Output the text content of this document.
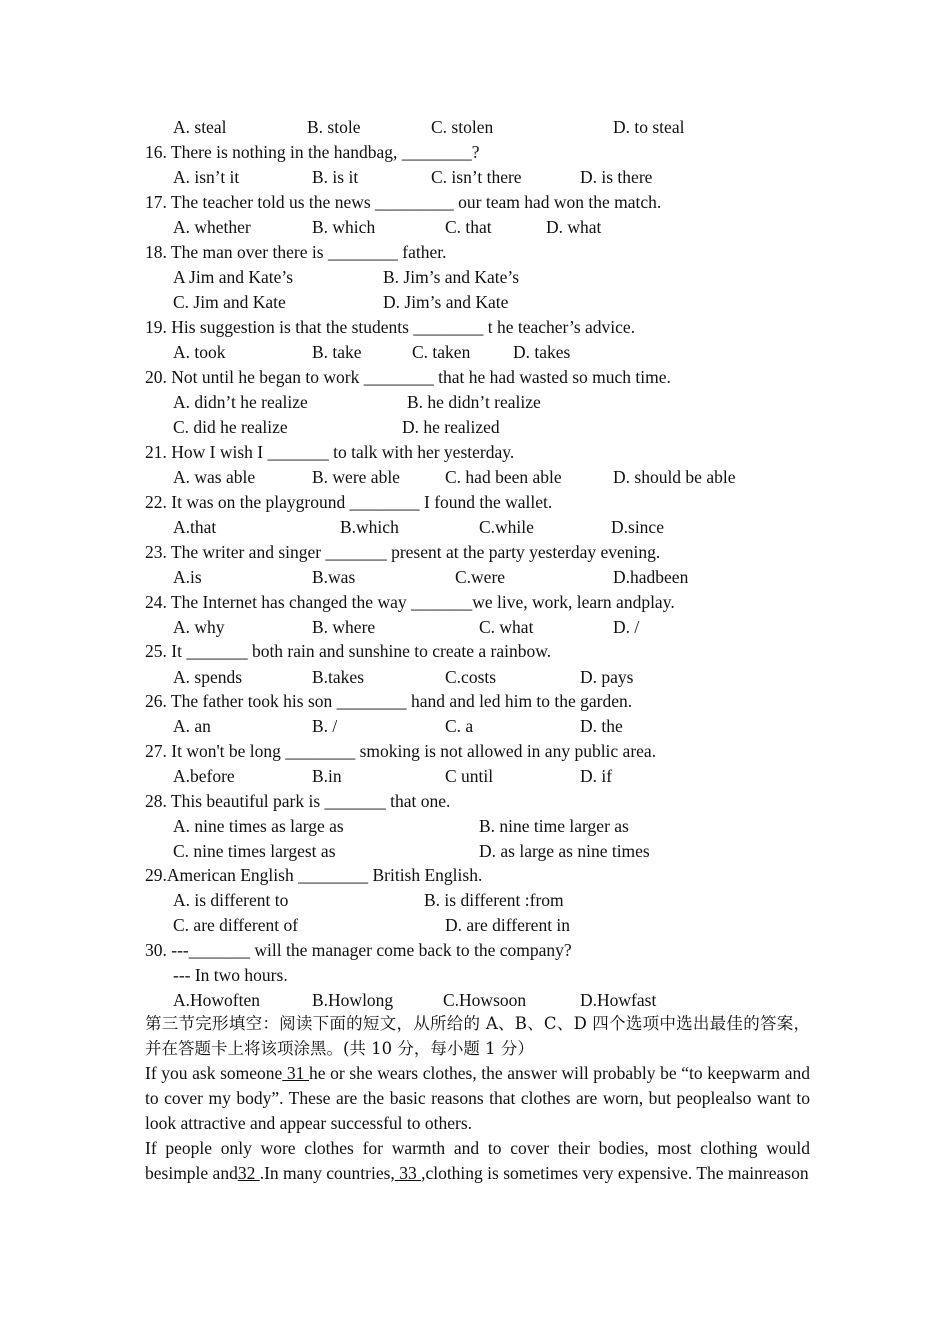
A. steal	B. stole	C. stolen	D. to steal
16. There is nothing in the handbag, ________?
A. isn’t it	B. is it	C. isn’t there	D. is there
17. The teacher told us the news _________ our team had won the match.
A. whether	B. which	C. that	D. what
18. The man over there is ________ father.
A Jim and Kate’s	B. Jim’s and Kate’s
C. Jim and Kate	D. Jim’s and Kate
19. His suggestion is that the students ________ t he teacher’s advice.
A. took	B. take	C. taken D. takes
20. Not until he began to work ________ that he had wasted so much time.
A. didn’t he realize	B. he didn’t realize
C. did he realize	D. he realized
21. How I wish I _______ to talk with her yesterday.
A. was able	B. were able	C. had been able	D. should be able
22. It was on the playground ________ I found the wallet.
A.that	B.which	C.while	D.since
23. The writer and singer _______ present at the party yesterday evening.
A.is	B.was	C.were	D.hadbeen
24. The Internet has changed the way _______we live, work, learn andplay.
A. why	B. where	C. what	D. /
25. It _______ both rain and sunshine to create a rainbow.
A. spends	B.takes	C.costs	D. pays
26. The father took his son ________ hand and led him to the garden.
A. an	B. /	C. a	D. the
27. It won't be long ________ smoking is not allowed in any public area.
A.before	B.in	C until	D. if
28. This beautiful park is _______ that one.
A. nine times as large as	B. nine time larger as
C. nine times largest as	D. as large as nine times
29.American English ________ British English.
A. is different to	B. is different :from
C. are different of	D. are different in
30. ---_______ will the manager come back to the company?
--- In two hours.
A.Howoften	B.Howlong	C.Howsoon	D.Howfast
第三节完形填空：阅读下面的短文，从所给的 A、B、C、D 四个选项中选出最佳的答案，并在答题卡上将该项涂黑。(共 10 分，每小题 1 分）
If you ask someone 31 he or she wears clothes, the answer will probably be “to keepwarm and to cover my body”. These are the basic reasons that clothes are worn, but peoplealso want to look attractive and appear successful to others.
If people only wore clothes for warmth and to cover their bodies, most clothing would besimple and32 .In many countries, 33 ,clothing is sometimes very expensive. The mainreason
